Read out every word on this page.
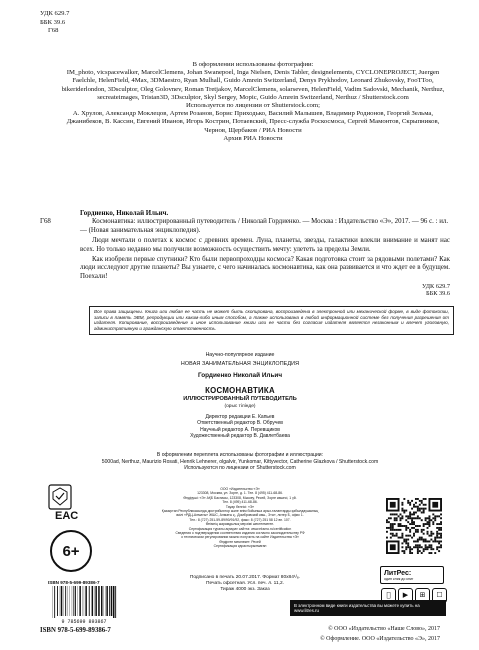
УДК 629.7
ББК 39.6
Г68

В оформлении использованы фотографии:

IM_photo, vicspacewalker, MarcelClemens, Johan Swanepoel, Inga Nielsen, Denis Tabler, designelements, CYCLONEPROJECT, Juergen Faelchle, HelenField, 4Max, 3DMaestro, Ryan Mulhall, Guido Amrein Switzerland, Denys Prykhodov, Leonard Zhukovsky, FooTToo, bikeriderlondon, 3Dsculptor, Oleg Golovnev, Roman Tretjakov, MarcelClemens, solarseven, HelenField, Vadim Sadovski, Mechanik, Nerthuz, secreateimages, Tristan3D, 3Dsculptor, Skyl Sergey, Mopic, Guido Amrein Switzerland, Nerthuz / Shutterstock.com

Используется по лицензии от Shutterstock.com;

А. Хрулов, Александр Моклецов, Артем Розанов, Борис Приходько, Василий Малышев, Владимир Родионов, Георгий Зельма, Джанибеков, В. Кассин, Евгений Иванов, Игорь Кострин, Потаевский, Пресс-служба Роскосмоса, Сергей Мамонтов, Скрыпников, Чернов, Щербаков / РИА Новости

Архив РИА Новости

Г68
Гордиенко, Николай Ильич.
Космонавтика: иллюстрированный путеводитель / Николай Гордиенко. — Москва : Издательство «Э», 2017. — 96 с. : ил. — (Новая занимательная энциклопедия).
Люди мечтали о полетах к космос с древних времен. Луна, планеты, звезды, галактики влекли внимание и манят нас всех. Но только недавно мы получили возможность осуществить мечту: улететь за пределы Земли.
Как изобрели первые спутники? Кто были первопроходцы космоса? Какая подготовка стоит за рядовыми полетами? Как люди исследуют другие планеты? Вы узнаете, с чего начиналась космонавтика, как она развивается и что ждет ее в будущем. Поехали!
УДК 629.7
ББК 39.6
Все права защищены. Книга или любая ее часть не может быть скопирована, воспроизведена в электронной или механической форме, в виде фотокопии, записи в память ЭВМ, репродукции или каким-либо иным способом, а также использована в любой информационной системе без получения разрешения от издателя. Копирование, воспроизведение и иное использование книги или ее части без согласия издателя является незаконным и влечет уголовную, административную и гражданскую ответственность.
Научно-популярное издание
НОВАЯ ЗАНИМАТЕЛЬНАЯ ЭНЦИКЛОПЕДИЯ
Гордиенко Николай Ильич
КОСМОНАВТИКА
ИЛЛЮСТРИРОВАННЫЙ ПУТЕВОДИТЕЛЬ
(орыс тілінде)
Директор редакции Е. Капьев
Ответственный редактор В. Обручев
Научный редактор А. Перевщиков
Художественный редактор В. Давлетбаева
В оформлении переплета использованы фотографии и иллюстрации:
5000ad, Nerthuz, Maurizio Rosati, Henrik Lehnerer, olgaIvir, Yunkomar, Kittyvector, Catherine Glazkova / Shutterstock.com
Используются по лицензии от Shutterstock.com
ООО «Издательство «Э»
123308, Москва, ул. Зорге, д. 1. Тел. 8 (495) 411-68-86.
Өндіруші: «Э» АҚБ Баспасы, 123308, Мәскеу, Ресей, Зорге көшесі, 1 үй.
Тел. 8 (495) 411-68-86.
Тауар белгісі: «Э»
Қазақстан Республикасында дистрибьютор және өнім бойынша арыз-талаптарды қабылдаушының
өкілі «РДЦ-Алматы» ЖШС, Алматы қ., Домбровский көш., 3«а», литер Б, офис 1.
Тел.: 8 (727) 251-59-89/90/91/92, факс: 8 (727) 251 58 12 вн. 107.
Өнімнің жарамдылық мерзімі шектелмеген.
Сертификация туралы ақпарат сайтта: www.eksmo.ru/certification
Сведения о подтверждении соответствия издания согласно законодательству РФ
о техническом регулировании можно получить на сайте Издательства «Э»
Өндірген мемлекет: Ресей
Сертификация қарастырылмаған
EAC
6+
ISBN 978-5-699-89386-7
9 785699 893867
ISBN 978-5-699-89386-7
Подписано в печать 20.07.2017. Формат 80x84¹/₈.
Печать офсетная. Усл. печ. л. 11,2.
Тираж 4000 экз. Заказ
ЛитРес:
один клик до книг
▶	⊞	☐
В электронном виде книги издательства вы можете купить на www.litres.ru
© ООО «Издательство «Наше Слово», 2017
© Оформление. ООО «Издательство «Э», 2017
